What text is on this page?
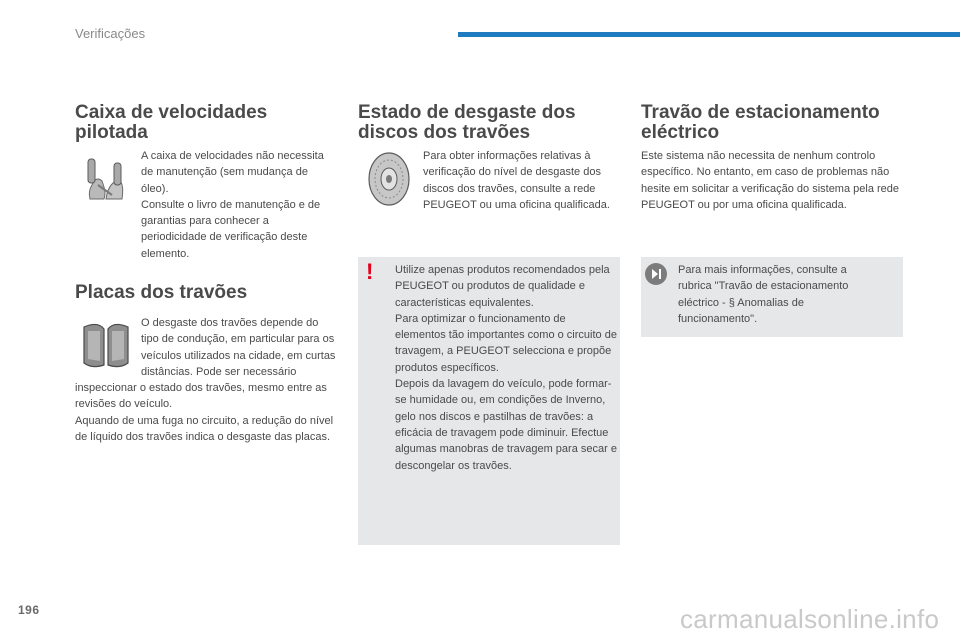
Verificações
Caixa de velocidades pilotada

A caixa de velocidades não necessita de manutenção (sem mudança de óleo).
Consulte o livro de manutenção e de garantias para conhecer a periodicidade de verificação deste elemento.

Placas dos travões

O desgaste dos travões depende do tipo de condução, em particular para os veículos utilizados na cidade, em curtas distâncias. Pode ser necessário inspeccionar o estado dos travões, mesmo entre as revisões do veículo.
Aquando de uma fuga no circuito, a redução do nível de líquido dos travões indica o desgaste das placas.

Estado de desgaste dos discos dos travões

Para obter informações relativas à verificação do nível de desgaste dos discos dos travões, consulte a rede PEUGEOT ou uma oficina qualificada.

! Utilize apenas produtos recomendados pela PEUGEOT ou produtos de qualidade e características equivalentes.
Para optimizar o funcionamento de elementos tão importantes como o circuito de travagem, a PEUGEOT selecciona e propõe produtos específicos.
Depois da lavagem do veículo, pode formar-se humidade ou, em condições de Inverno, gelo nos discos e pastilhas de travões: a eficácia de travagem pode diminuir. Efectue algumas manobras de travagem para secar e descongelar os travões.

Travão de estacionamento eléctrico

Este sistema não necessita de nenhum controlo específico. No entanto, em caso de problemas não hesite em solicitar a verificação do sistema pela rede PEUGEOT ou por uma oficina qualificada.

Para mais informações, consulte a rubrica "Travão de estacionamento eléctrico - § Anomalias de funcionamento".

196	carmanualsonline.info
